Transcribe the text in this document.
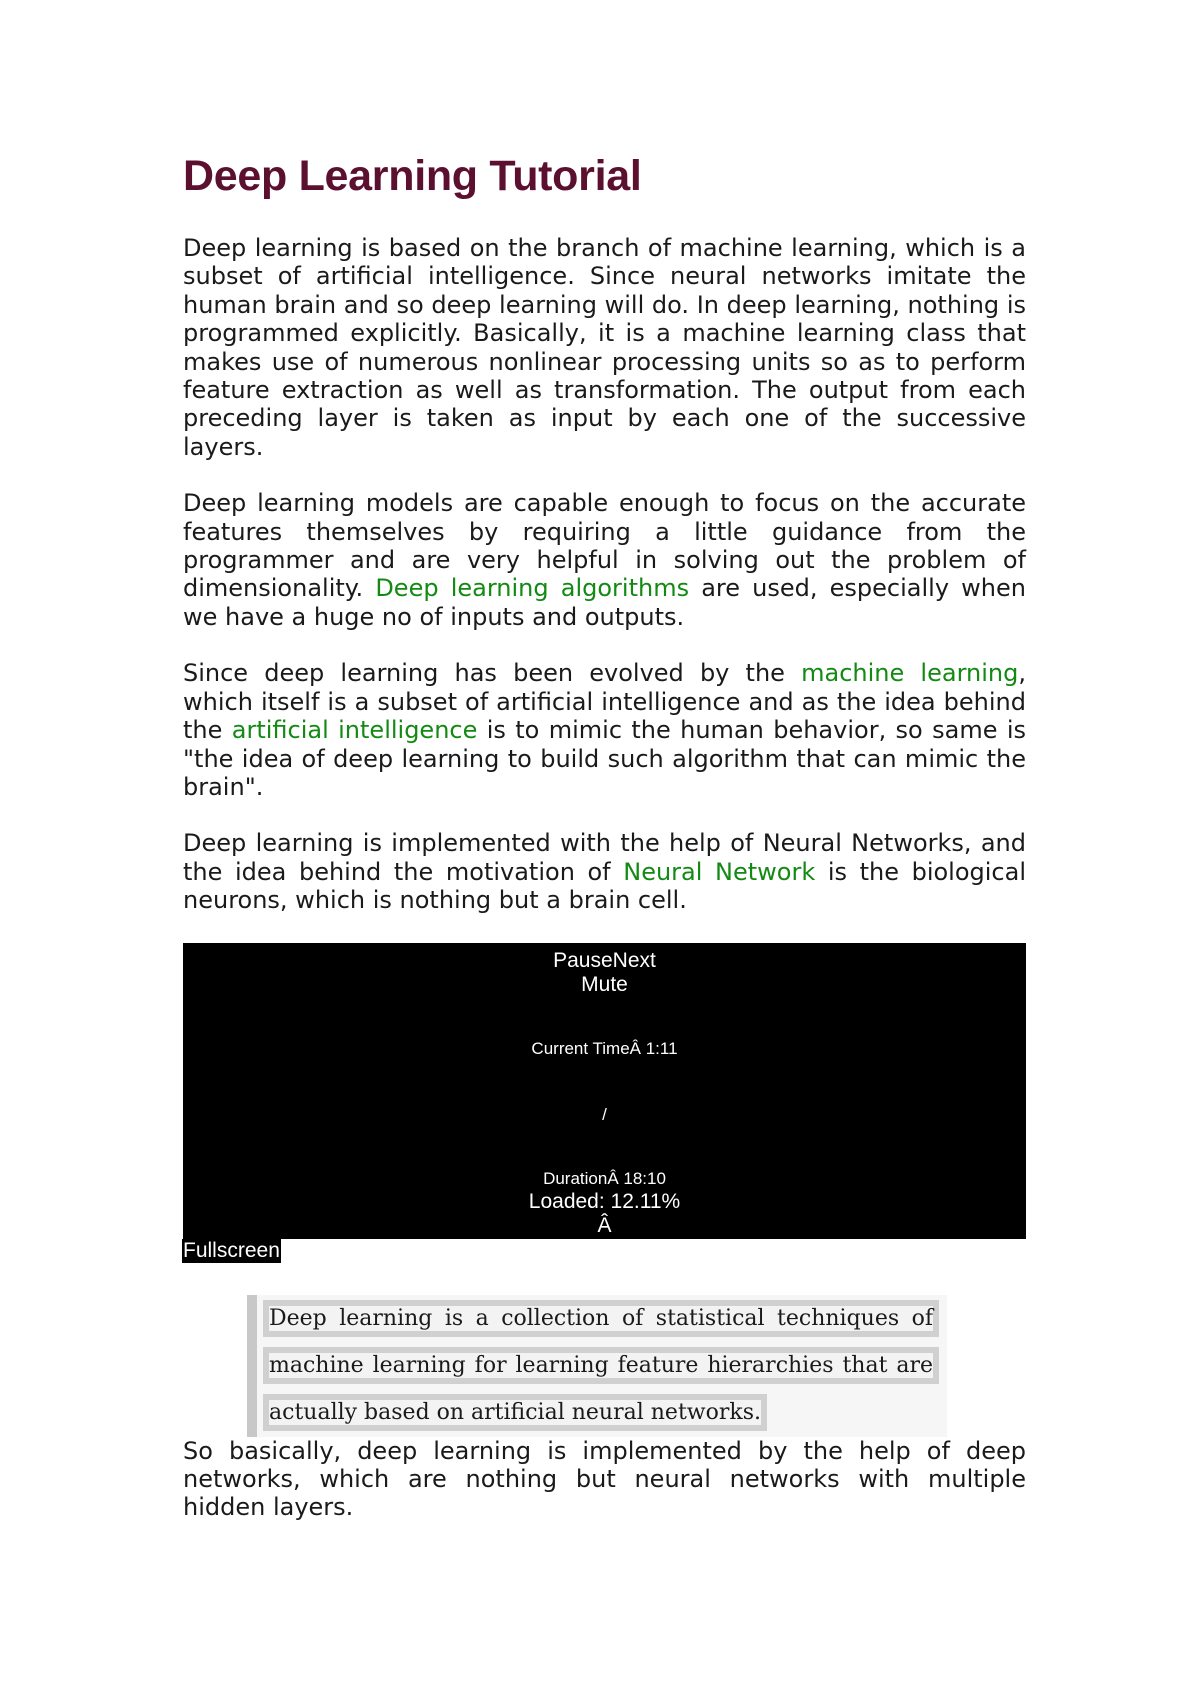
Deep Learning Tutorial

Deep learning is based on the branch of machine learning, which is a subset of artificial intelligence. Since neural networks imitate the human brain and so deep learning will do. In deep learning, nothing is programmed explicitly. Basically, it is a machine learning class that makes use of numerous nonlinear processing units so as to perform feature extraction as well as transformation. The output from each preceding layer is taken as input by each one of the successive layers.

Deep learning models are capable enough to focus on the accurate features themselves by requiring a little guidance from the programmer and are very helpful in solving out the problem of dimensionality. Deep learning algorithms are used, especially when we have a huge no of inputs and outputs.

Since deep learning has been evolved by the machine learning, which itself is a subset of artificial intelligence and as the idea behind the artificial intelligence is to mimic the human behavior, so same is "the idea of deep learning to build such algorithm that can mimic the brain".

Deep learning is implemented with the help of Neural Networks, and the idea behind the motivation of Neural Network is the biological neurons, which is nothing but a brain cell.

PauseNext
Mute
Current TimeÂ 1:11
/
DurationÂ 18:10
Loaded: 12.11%
Â
Fullscreen
Deep learning is a collection of statistical techniques of machine learning for learning feature hierarchies that are actually based on artificial neural networks.

So basically, deep learning is implemented by the help of deep networks, which are nothing but neural networks with multiple hidden layers.
